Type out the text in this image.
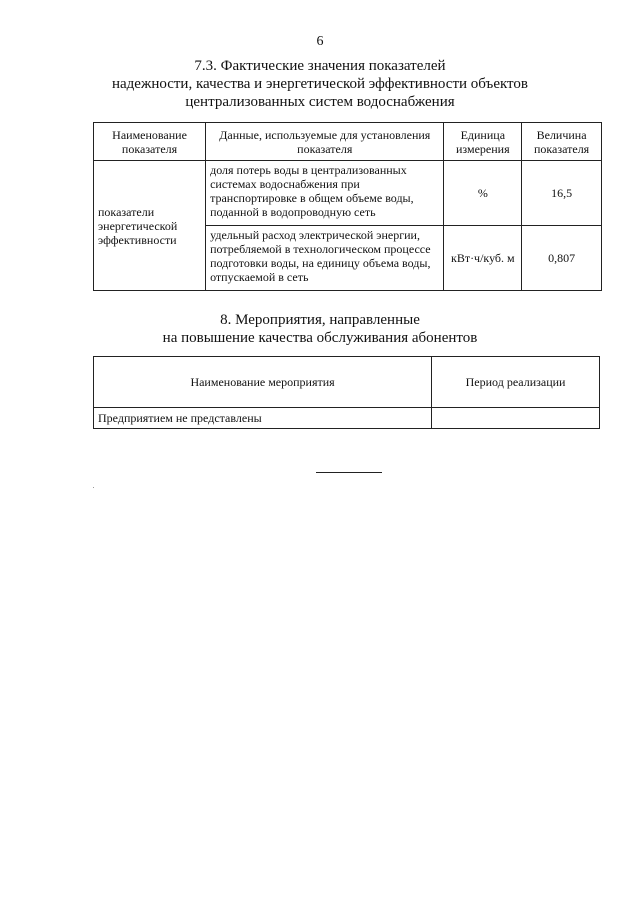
6
7.3. Фактические значения показателей
надежности, качества и энергетической эффективности объектов
централизованных систем водоснабжения
Наименование показателя	Данные, используемые для установления показателя	Единица измерения	Величина показателя
показатели энергетической эффективности	доля потерь воды в централизованных системах водоснабжения при транспортировке в общем объеме воды, поданной в водопроводную сеть	%	16,5
	удельный расход электрической энергии, потребляемой в технологическом процессе подготовки воды, на единицу объема воды, отпускаемой в сеть	кВт·ч/куб. м	0,807
8. Мероприятия, направленные
на повышение качества обслуживания абонентов
Наименование мероприятия	Период реализации
Предприятием не представлены	
